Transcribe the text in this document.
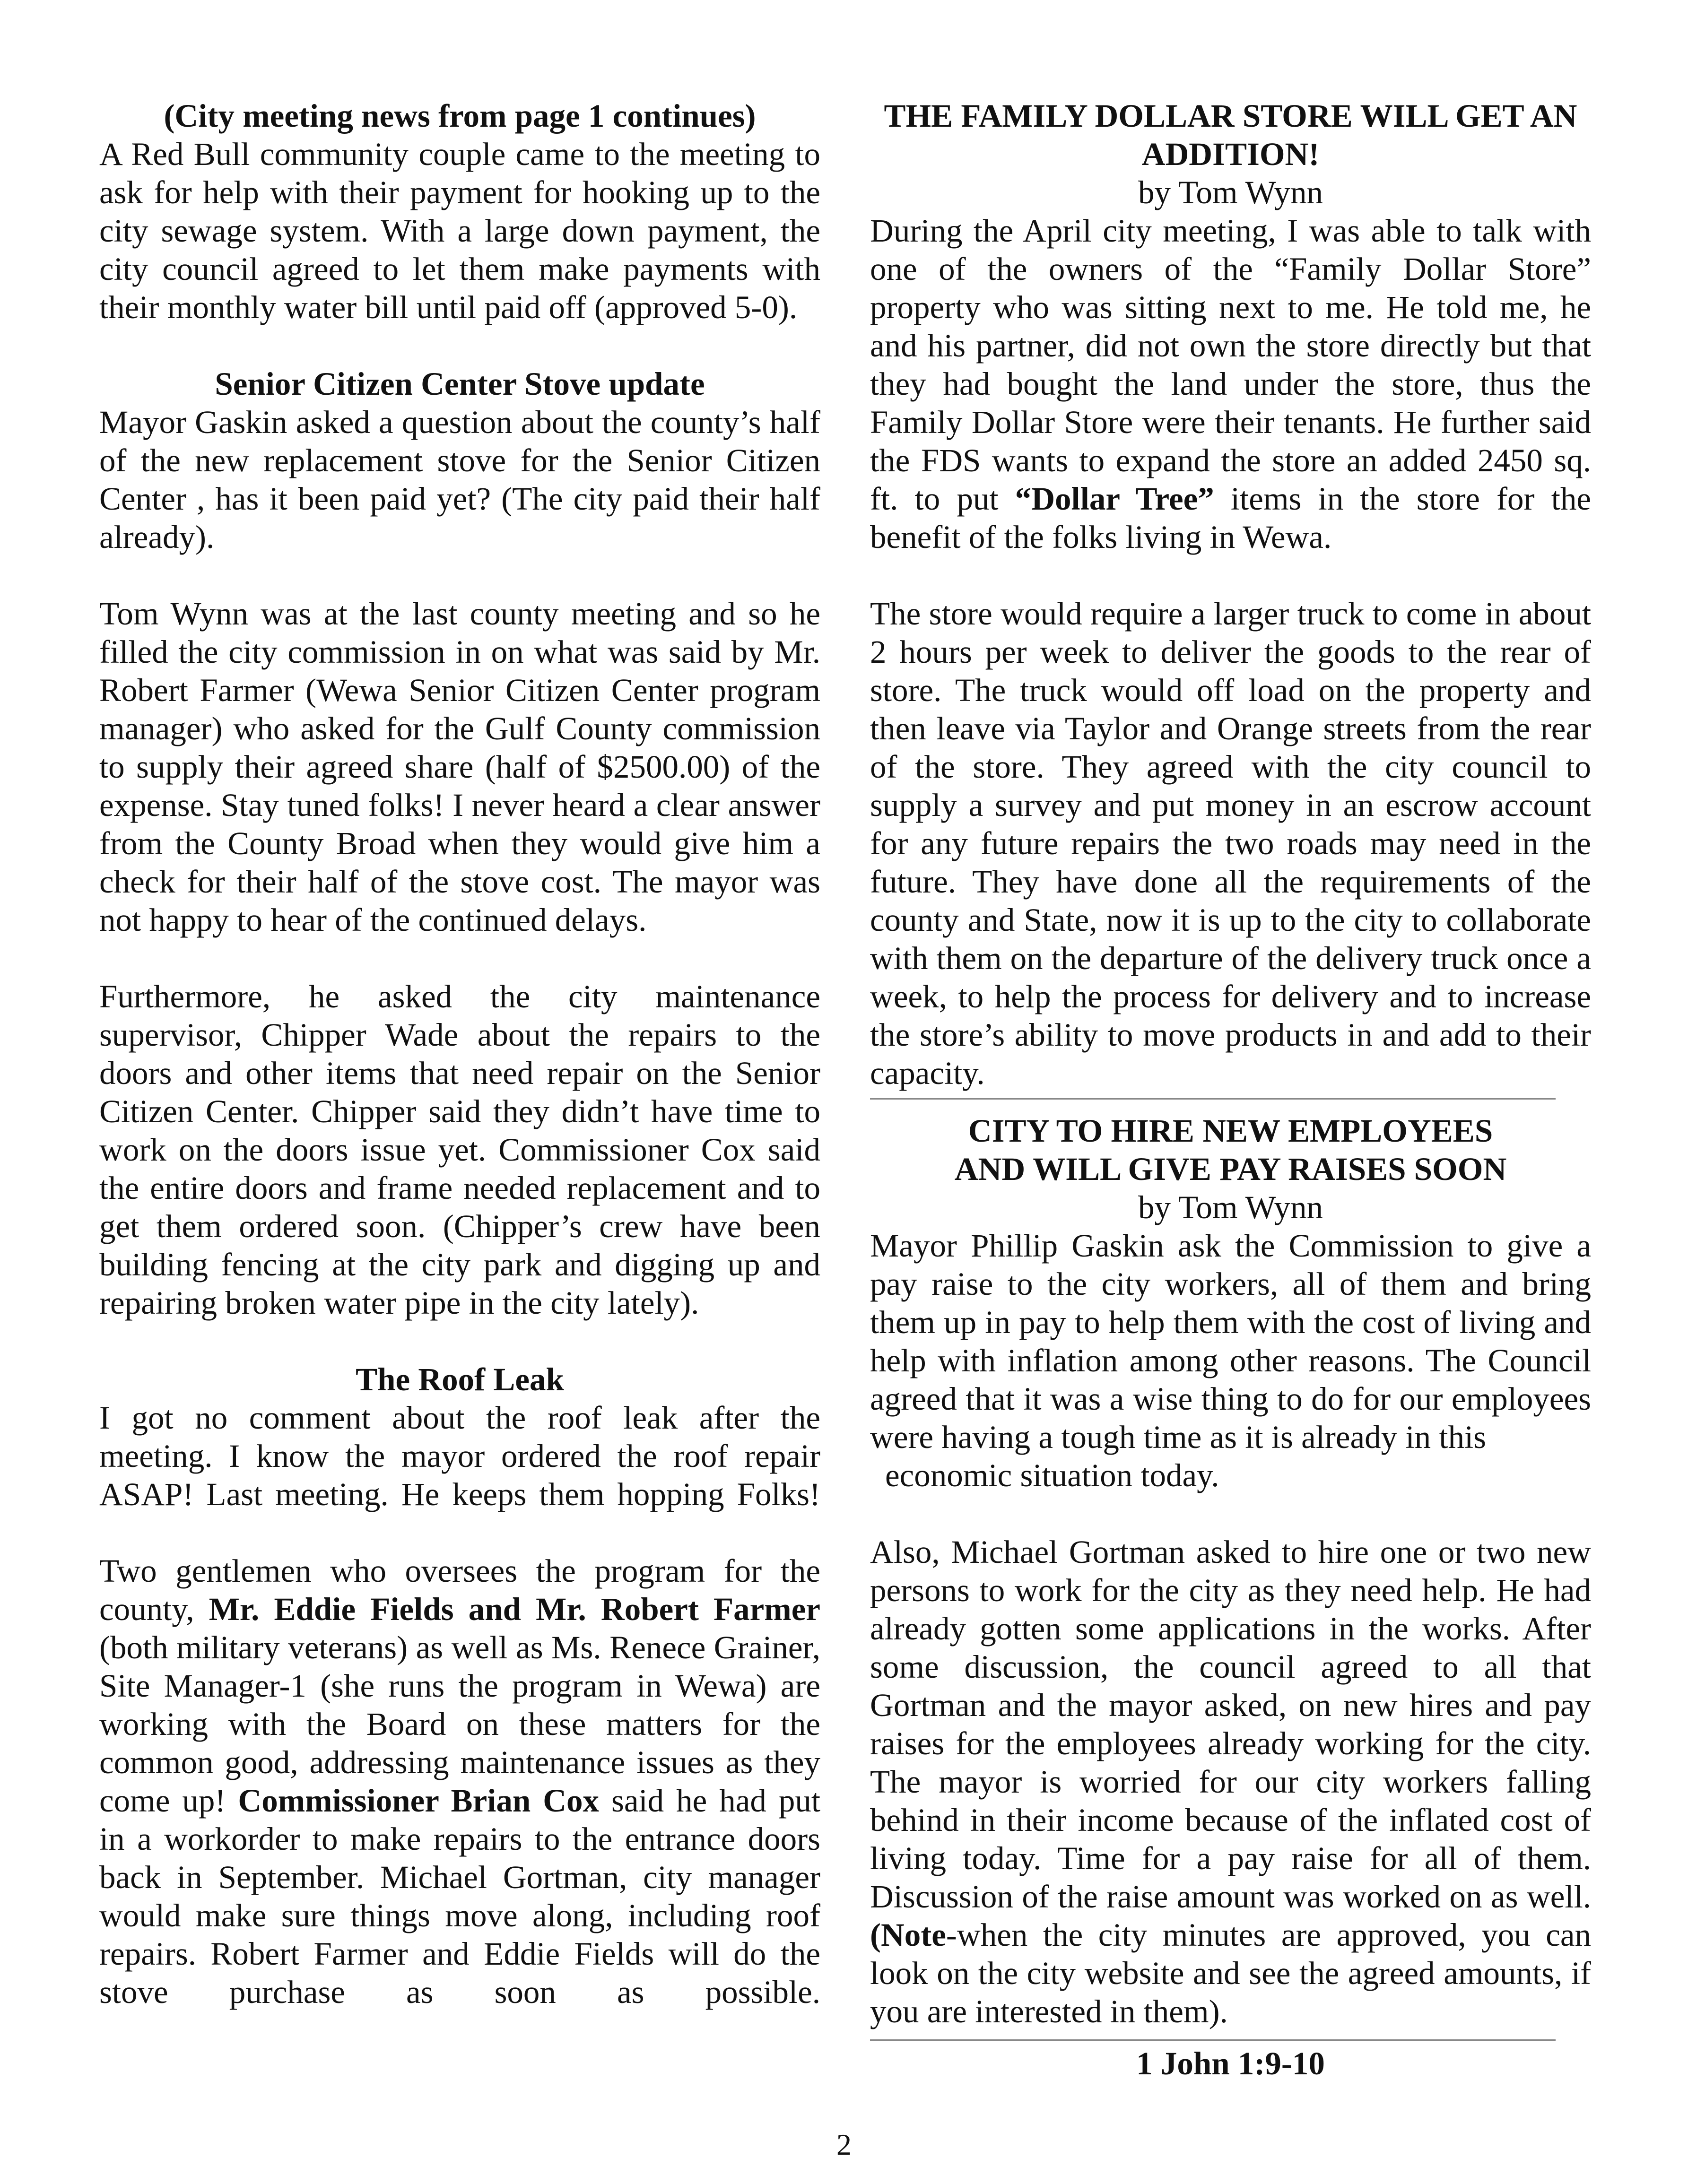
(City meeting news from page 1 continues)

A Red Bull community couple came to the meeting to ask for help with their payment for hooking up to the city sewage system. With a large down payment, the city council agreed to let them make payments with their monthly water bill until paid off (approved 5-0).

Senior Citizen Center Stove update

Mayor Gaskin asked a question about the county’s half of the new replacement stove for the Senior Citizen Center , has it been paid yet? (The city paid their half already).

Tom Wynn was at the last county meeting and so he filled the city commission in on what was said by Mr. Robert Farmer (Wewa Senior Citizen Center program manager) who asked for the Gulf County commission to supply their agreed share (half of $2500.00) of the expense. Stay tuned folks! I never heard a clear answer from the County Broad when they would give him a check for their half of the stove cost. The mayor was not happy to hear of the continued delays.

Furthermore, he asked the city maintenance supervisor, Chipper Wade about the repairs to the doors and other items that need repair on the Senior Citizen Center. Chipper said they didn’t have time to work on the doors issue yet. Commissioner Cox said the entire doors and frame needed replacement and to get them ordered soon. (Chipper’s crew have been building fencing at the city park and digging up and repairing broken water pipe in the city lately).

The Roof Leak

I got no comment about the roof leak after the meeting. I know the mayor ordered the roof repair ASAP! Last meeting. He keeps them hopping Folks!

Two gentlemen who oversees the program for the county, Mr. Eddie Fields and Mr. Robert Farmer (both military veterans) as well as Ms. Renece Grainer, Site Manager-1 (she runs the program in Wewa) are working with the Board on these matters for the common good, addressing maintenance issues as they come up! Commissioner Brian Cox said he had put in a workorder to make repairs to the entrance doors back in September. Michael Gortman, city manager would make sure things move along, including roof repairs. Robert Farmer and Eddie Fields will do the stove purchase as soon as possible.

THE FAMILY DOLLAR STORE WILL GET AN ADDITION!
by Tom Wynn

During the April city meeting, I was able to talk with one of the owners of the “Family Dollar Store” property who was sitting next to me. He told me, he and his partner, did not own the store directly but that they had bought the land under the store, thus the Family Dollar Store were their tenants. He further said the FDS wants to expand the store an added 2450 sq. ft. to put “Dollar Tree” items in the store for the benefit of the folks living in Wewa.

The store would require a larger truck to come in about 2 hours per week to deliver the goods to the rear of store. The truck would off load on the property and then leave via Taylor and Orange streets from the rear of the store. They agreed with the city council to supply a survey and put money in an escrow account for any future repairs the two roads may need in the future. They have done all the requirements of the county and State, now it is up to the city to collaborate with them on the departure of the delivery truck once a week, to help the process for delivery and to increase the store’s ability to move products in and add to their capacity.

CITY TO HIRE NEW EMPLOYEES
AND WILL GIVE PAY RAISES SOON
by Tom Wynn

Mayor Phillip Gaskin ask the Commission to give a pay raise to the city workers, all of them and bring them up in pay to help them with the cost of living and help with inflation among other reasons. The Council agreed that it was a wise thing to do for our employees were having a tough time as it is already in this

economic situation today.

Also, Michael Gortman asked to hire one or two new persons to work for the city as they need help. He had already gotten some applications in the works. After some discussion, the council agreed to all that Gortman and the mayor asked, on new hires and pay raises for the employees already working for the city. The mayor is worried for our city workers falling behind in their income because of the inflated cost of living today. Time for a pay raise for all of them. Discussion of the raise amount was worked on as well. (Note-when the city minutes are approved, you can look on the city website and see the agreed amounts, if you are interested in them).

1 John 1:9-10
2
